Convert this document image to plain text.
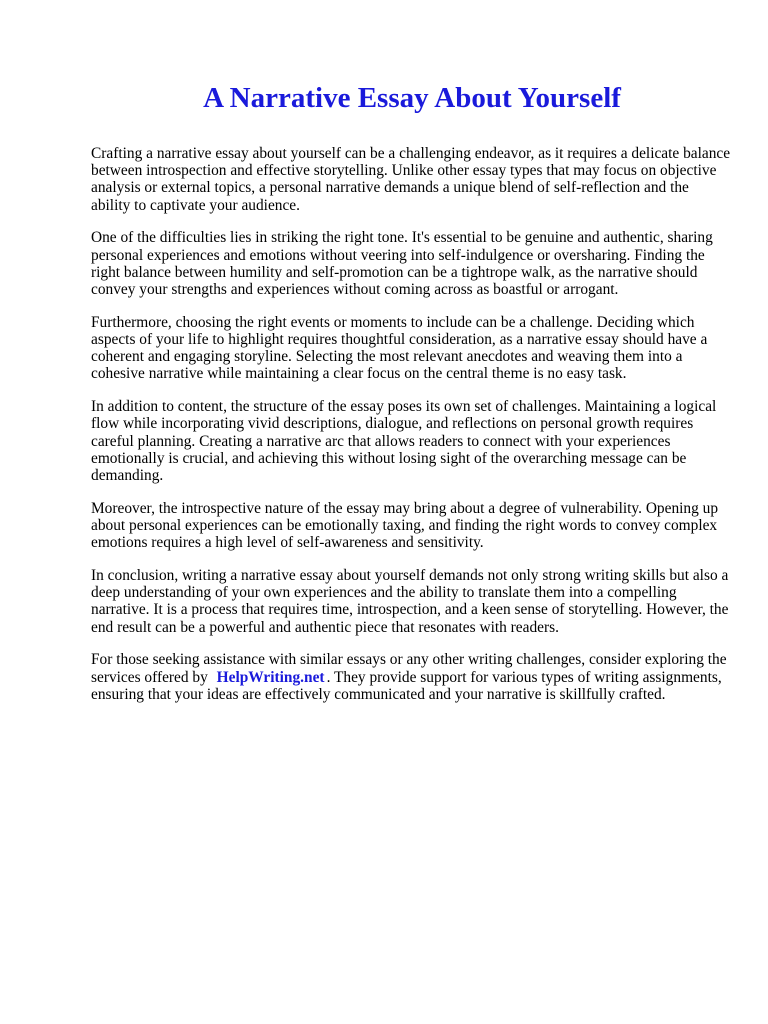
A Narrative Essay About Yourself

Crafting a narrative essay about yourself can be a challenging endeavor, as it requires a delicate balance between introspection and effective storytelling. Unlike other essay types that may focus on objective analysis or external topics, a personal narrative demands a unique blend of self-reflection and the ability to captivate your audience.

One of the difficulties lies in striking the right tone. It's essential to be genuine and authentic, sharing personal experiences and emotions without veering into self-indulgence or oversharing. Finding the right balance between humility and self-promotion can be a tightrope walk, as the narrative should convey your strengths and experiences without coming across as boastful or arrogant.

Furthermore, choosing the right events or moments to include can be a challenge. Deciding which aspects of your life to highlight requires thoughtful consideration, as a narrative essay should have a coherent and engaging storyline. Selecting the most relevant anecdotes and weaving them into a cohesive narrative while maintaining a clear focus on the central theme is no easy task.

In addition to content, the structure of the essay poses its own set of challenges. Maintaining a logical flow while incorporating vivid descriptions, dialogue, and reflections on personal growth requires careful planning. Creating a narrative arc that allows readers to connect with your experiences emotionally is crucial, and achieving this without losing sight of the overarching message can be demanding.

Moreover, the introspective nature of the essay may bring about a degree of vulnerability. Opening up about personal experiences can be emotionally taxing, and finding the right words to convey complex emotions requires a high level of self-awareness and sensitivity.

In conclusion, writing a narrative essay about yourself demands not only strong writing skills but also a deep understanding of your own experiences and the ability to translate them into a compelling narrative. It is a process that requires time, introspection, and a keen sense of storytelling. However, the end result can be a powerful and authentic piece that resonates with readers.

For those seeking assistance with similar essays or any other writing challenges, consider exploring the services offered by HelpWriting.net . They provide support for various types of writing assignments, ensuring that your ideas are effectively communicated and your narrative is skillfully crafted.
